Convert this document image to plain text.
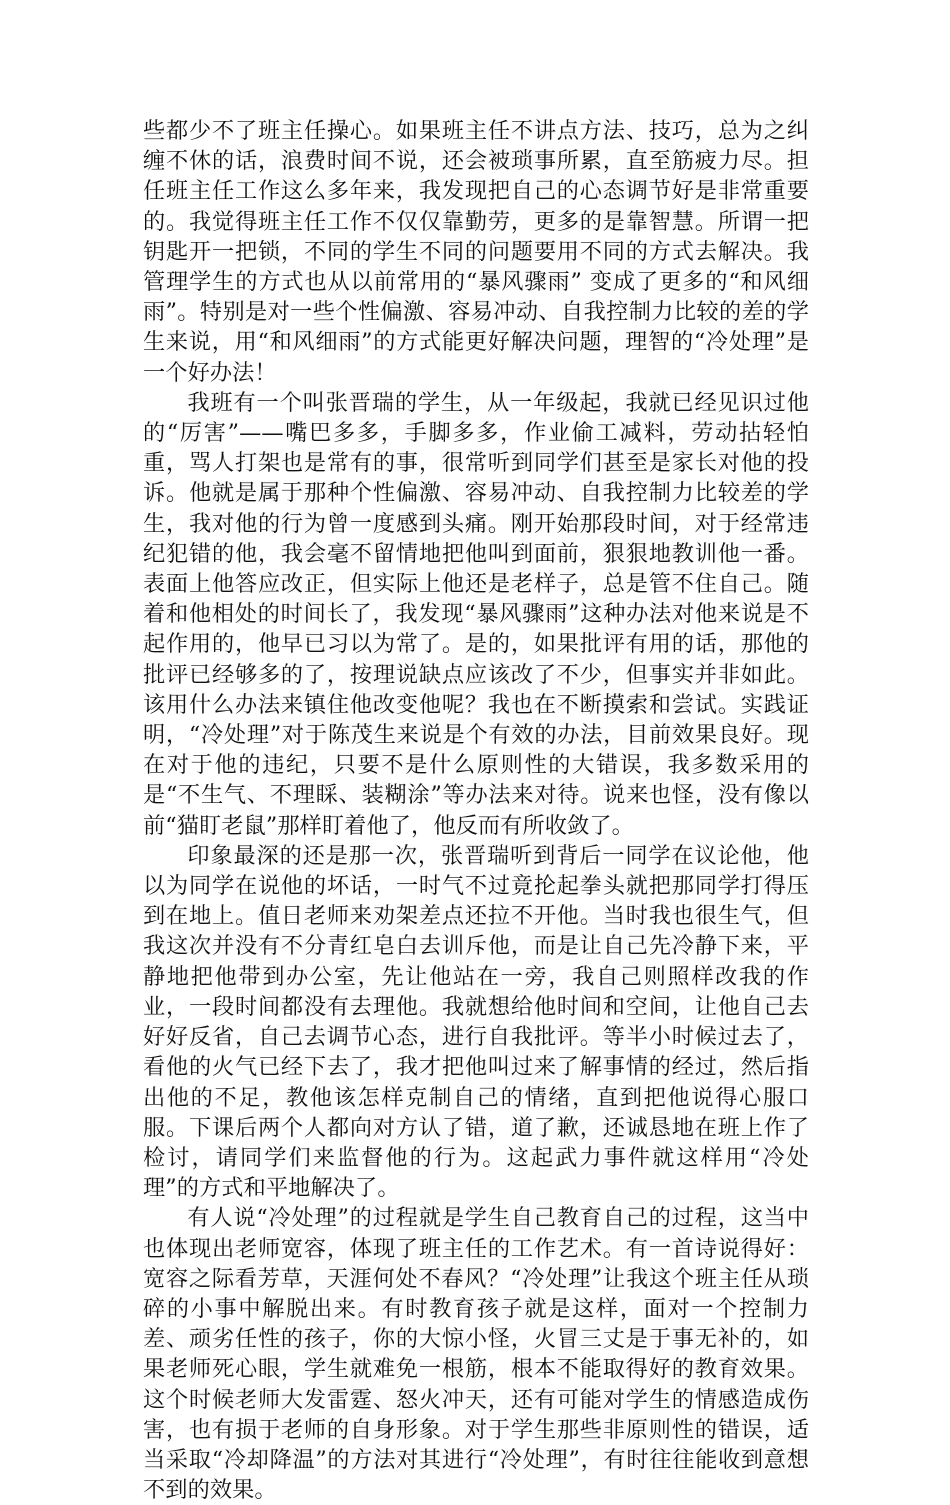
些都少不了班主任操心。如果班主任不讲点方法、技巧，总为之纠缠不休的话，浪费时间不说，还会被琐事所累，直至筋疲力尽。担任班主任工作这么多年来，我发现把自己的心态调节好是非常重要的。我觉得班主任工作不仅仅靠勤劳，更多的是靠智慧。所谓一把钥匙开一把锁，不同的学生不同的问题要用不同的方式去解决。我管理学生的方式也从以前常用的“暴风骤雨” 变成了更多的“和风细雨”。特别是对一些个性偏激、容易冲动、自我控制力比较的差的学生来说，用“和风细雨”的方式能更好解决问题，理智的“冷处理”是一个好办法！

我班有一个叫张晋瑞的学生，从一年级起，我就已经见识过他的“厉害”——嘴巴多多，手脚多多，作业偷工减料，劳动拈轻怕重，骂人打架也是常有的事，很常听到同学们甚至是家长对他的投诉。他就是属于那种个性偏激、容易冲动、自我控制力比较差的学生，我对他的行为曾一度感到头痛。刚开始那段时间，对于经常违纪犯错的他，我会毫不留情地把他叫到面前，狠狠地教训他一番。表面上他答应改正，但实际上他还是老样子，总是管不住自己。随着和他相处的时间长了，我发现“暴风骤雨”这种办法对他来说是不起作用的，他早已习以为常了。是的，如果批评有用的话，那他的批评已经够多的了，按理说缺点应该改了不少，但事实并非如此。该用什么办法来镇住他改变他呢？我也在不断摸索和尝试。实践证明，“冷处理”对于陈茂生来说是个有效的办法，目前效果良好。现在对于他的违纪，只要不是什么原则性的大错误，我多数采用的是“不生气、不理睬、装糊涂”等办法来对待。说来也怪，没有像以前“猫盯老鼠”那样盯着他了，他反而有所收敛了。

印象最深的还是那一次，张晋瑞听到背后一同学在议论他，他以为同学在说他的坏话，一时气不过竟抡起拳头就把那同学打得压到在地上。值日老师来劝架差点还拉不开他。当时我也很生气，但我这次并没有不分青红皂白去训斥他，而是让自己先冷静下来，平静地把他带到办公室，先让他站在一旁，我自己则照样改我的作业，一段时间都没有去理他。我就想给他时间和空间，让他自己去好好反省，自己去调节心态，进行自我批评。等半小时候过去了，看他的火气已经下去了，我才把他叫过来了解事情的经过，然后指出他的不足，教他该怎样克制自己的情绪，直到把他说得心服口服。下课后两个人都向对方认了错，道了歉，还诚恳地在班上作了检讨，请同学们来监督他的行为。这起武力事件就这样用“冷处理”的方式和平地解决了。

有人说“冷处理”的过程就是学生自己教育自己的过程，这当中也体现出老师宽容，体现了班主任的工作艺术。有一首诗说得好：宽容之际看芳草，天涯何处不春风？“冷处理”让我这个班主任从琐碎的小事中解脱出来。有时教育孩子就是这样，面对一个控制力差、顽劣任性的孩子，你的大惊小怪，火冒三丈是于事无补的，如果老师死心眼，学生就难免一根筋，根本不能取得好的教育效果。这个时候老师大发雷霆、怒火冲天，还有可能对学生的情感造成伤害，也有损于老师的自身形象。对于学生那些非原则性的错误，适当采取“冷却降温”的方法对其进行“冷处理”，有时往往能收到意想不到的效果。
